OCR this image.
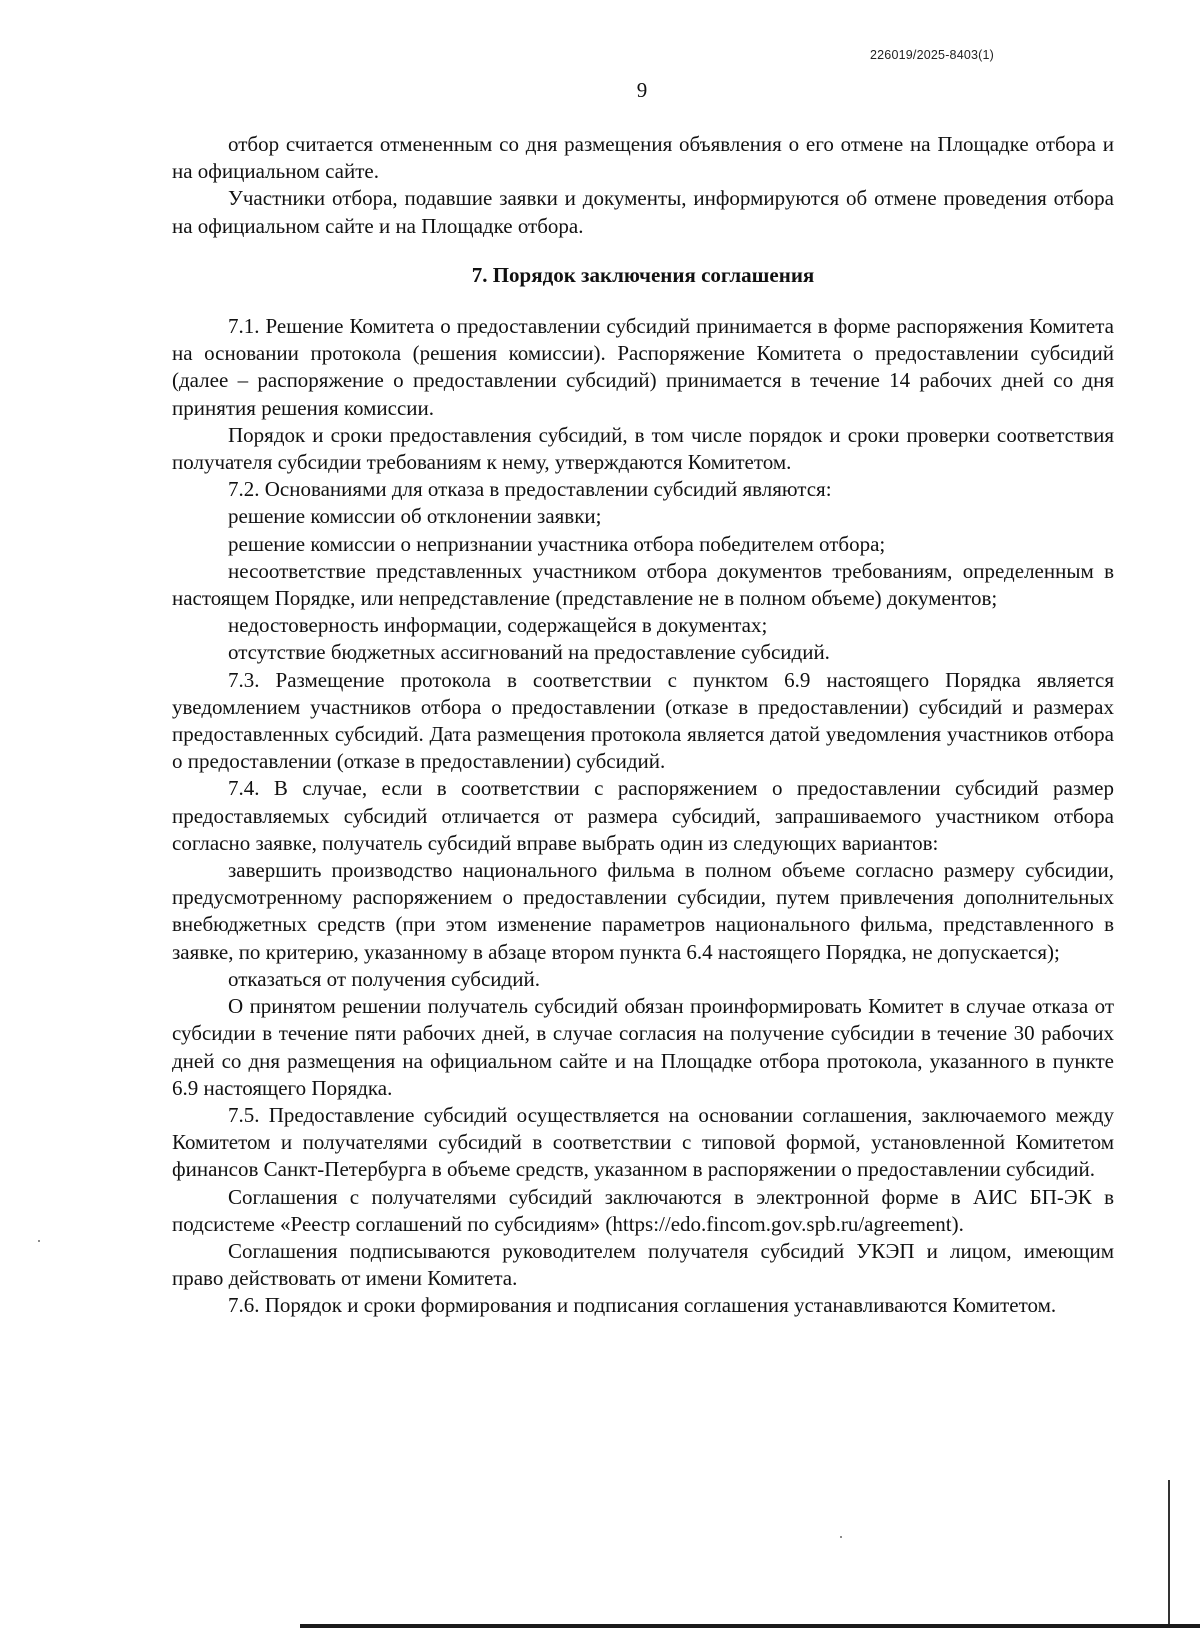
226019/2025-8403(1)
9

отбор считается отмененным со дня размещения объявления о его отмене на Площадке отбора и на официальном сайте.

Участники отбора, подавшие заявки и документы, информируются об отмене проведения отбора на официальном сайте и на Площадке отбора.

7. Порядок заключения соглашения

7.1. Решение Комитета о предоставлении субсидий принимается в форме распоряжения Комитета на основании протокола (решения комиссии). Распоряжение Комитета о предоставлении субсидий (далее – распоряжение о предоставлении субсидий) принимается в течение 14 рабочих дней со дня принятия решения комиссии.

Порядок и сроки предоставления субсидий, в том числе порядок и сроки проверки соответствия получателя субсидии требованиям к нему, утверждаются Комитетом.

7.2. Основаниями для отказа в предоставлении субсидий являются:

решение комиссии об отклонении заявки;

решение комиссии о непризнании участника отбора победителем отбора;

несоответствие представленных участником отбора документов требованиям, определенным в настоящем Порядке, или непредставление (представление не в полном объеме) документов;

недостоверность информации, содержащейся в документах;

отсутствие бюджетных ассигнований на предоставление субсидий.

7.3. Размещение протокола в соответствии с пунктом 6.9 настоящего Порядка является уведомлением участников отбора о предоставлении (отказе в предоставлении) субсидий и размерах предоставленных субсидий. Дата размещения протокола является датой уведомления участников отбора о предоставлении (отказе в предоставлении) субсидий.

7.4. В случае, если в соответствии с распоряжением о предоставлении субсидий размер предоставляемых субсидий отличается от размера субсидий, запрашиваемого участником отбора согласно заявке, получатель субсидий вправе выбрать один из следующих вариантов:

завершить производство национального фильма в полном объеме согласно размеру субсидии, предусмотренному распоряжением о предоставлении субсидии, путем привлечения дополнительных внебюджетных средств (при этом изменение параметров национального фильма, представленного в заявке, по критерию, указанному в абзаце втором пункта 6.4 настоящего Порядка, не допускается);

отказаться от получения субсидий.

О принятом решении получатель субсидий обязан проинформировать Комитет в случае отказа от субсидии в течение пяти рабочих дней, в случае согласия на получение субсидии в течение 30 рабочих дней со дня размещения на официальном сайте и на Площадке отбора протокола, указанного в пункте 6.9 настоящего Порядка.

7.5. Предоставление субсидий осуществляется на основании соглашения, заключаемого между Комитетом и получателями субсидий в соответствии с типовой формой, установленной Комитетом финансов Санкт-Петербурга в объеме средств, указанном в распоряжении о предоставлении субсидий.

Соглашения с получателями субсидий заключаются в электронной форме в АИС БП-ЭК в подсистеме «Реестр соглашений по субсидиям» (https://edo.fincom.gov.spb.ru/agreement).

Соглашения подписываются руководителем получателя субсидий УКЭП и лицом, имеющим право действовать от имени Комитета.

7.6. Порядок и сроки формирования и подписания соглашения устанавливаются Комитетом.
